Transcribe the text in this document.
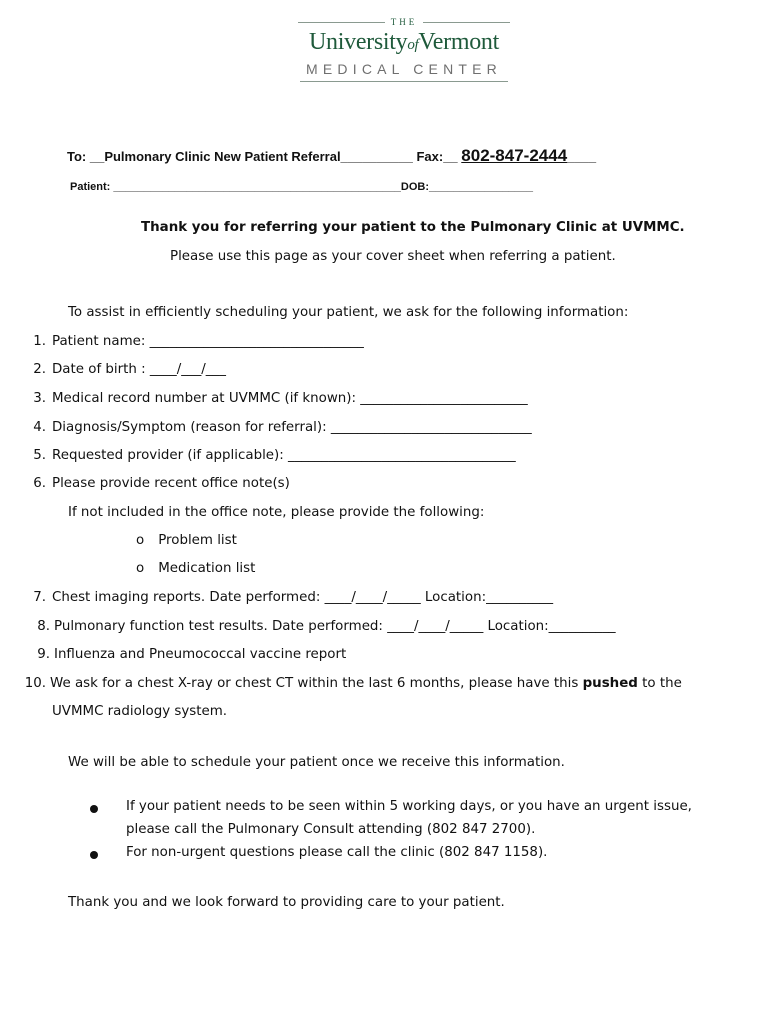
THE
UniversityofVermont
MEDICAL CENTER
To: __Pulmonary Clinic New Patient Referral__________ Fax:__ 802-847-2444____
Patient: _______________________________________________DOB:_________________
Thank you for referring your patient to the Pulmonary Clinic at UVMMC.
Please use this page as your cover sheet when referring a patient.
To assist in efficiently scheduling your patient, we ask for the following information:
1. Patient name: ________________________________
2. Date of birth : ____/___/___
3. Medical record number at UVMMC (if known): _________________________
4. Diagnosis/Symptom (reason for referral): ______________________________
5. Requested provider (if applicable): __________________________________
6. Please provide recent office note(s)
If not included in the office note, please provide the following:
o Problem list
o Medication list
7. Chest imaging reports. Date performed: ____/____/_____ Location:__________
8. Pulmonary function test results. Date performed: ____/____/_____ Location:__________
9. Influenza and Pneumococcal vaccine report
10. We ask for a chest X-ray or chest CT within the last 6 months, please have this pushed to the
UVMMC radiology system.
We will be able to schedule your patient once we receive this information.
If your patient needs to be seen within 5 working days, or you have an urgent issue,
please call the Pulmonary Consult attending (802 847 2700).
For non-urgent questions please call the clinic (802 847 1158).
Thank you and we look forward to providing care to your patient.
